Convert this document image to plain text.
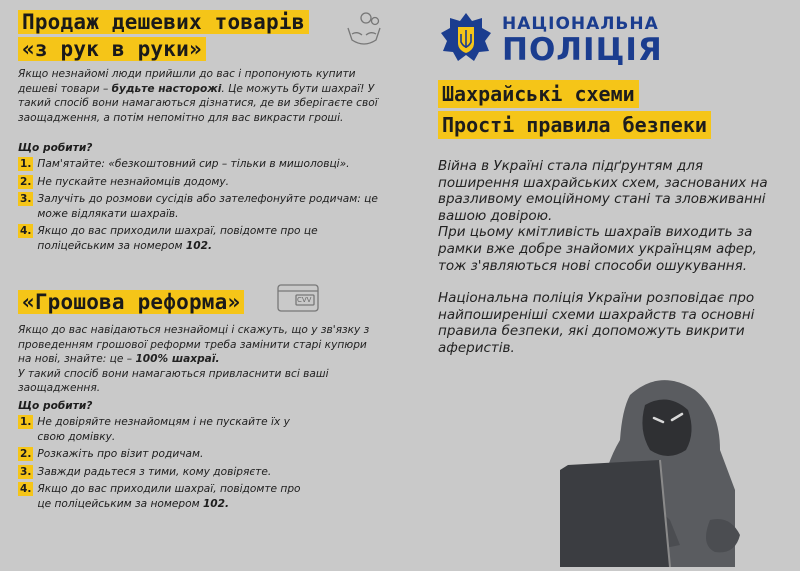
Продаж дешевих товарів
«з рук в руки»
Якщо незнайомі люди прийшли до вас і пропонують купити дешеві товари – будьте насторожі. Це можуть бути шахраї! У такий спосіб вони намагаються дізнатися, де ви зберігаєте свої заощадження, а потім непомітно для вас викрасти гроші.
Що робити?
1. Пам'ятайте: «безкоштовний сир – тільки в мишоловці».
2. Не пускайте незнайомців додому.
3. Залучіть до розмови сусідів або зателефонуйте родичам: це може відлякати шахраїв.
4. Якщо до вас приходили шахраї, повідомте про це поліцейським за номером 102.
«Грошова реформа»	CVV
Якщо до вас навідаються незнайомці і скажуть, що у зв'язку з проведенням грошової реформи треба замінити старі купюри на нові, знайте: це – 100% шахраї.
У такий спосіб вони намагаються привласнити всі ваші заощадження.
Що робити?
1. Не довіряйте незнайомцям і не пускайте їх у свою домівку.
2. Розкажіть про візит родичам.
3. Завжди радьтеся з тими, кому довіряєте.
4. Якщо до вас приходили шахраї, повідомте про це поліцейським за номером 102.
НАЦІОНАЛЬНА
ПОЛІЦІЯ
Шахрайські схеми
Прості правила безпеки
Війна в Україні стала підґрунтям для поширення шахрайських схем, заснованих на вразливому емоційному стані та зловживанні вашою довірою.
При цьому кмітливість шахраїв виходить за рамки вже добре знайомих українцям афер, тож з'являються нові способи ошукування.
Національна поліція України розповідає про найпоширеніші схеми шахрайств та основні правила безпеки, які допоможуть викрити аферистів.
